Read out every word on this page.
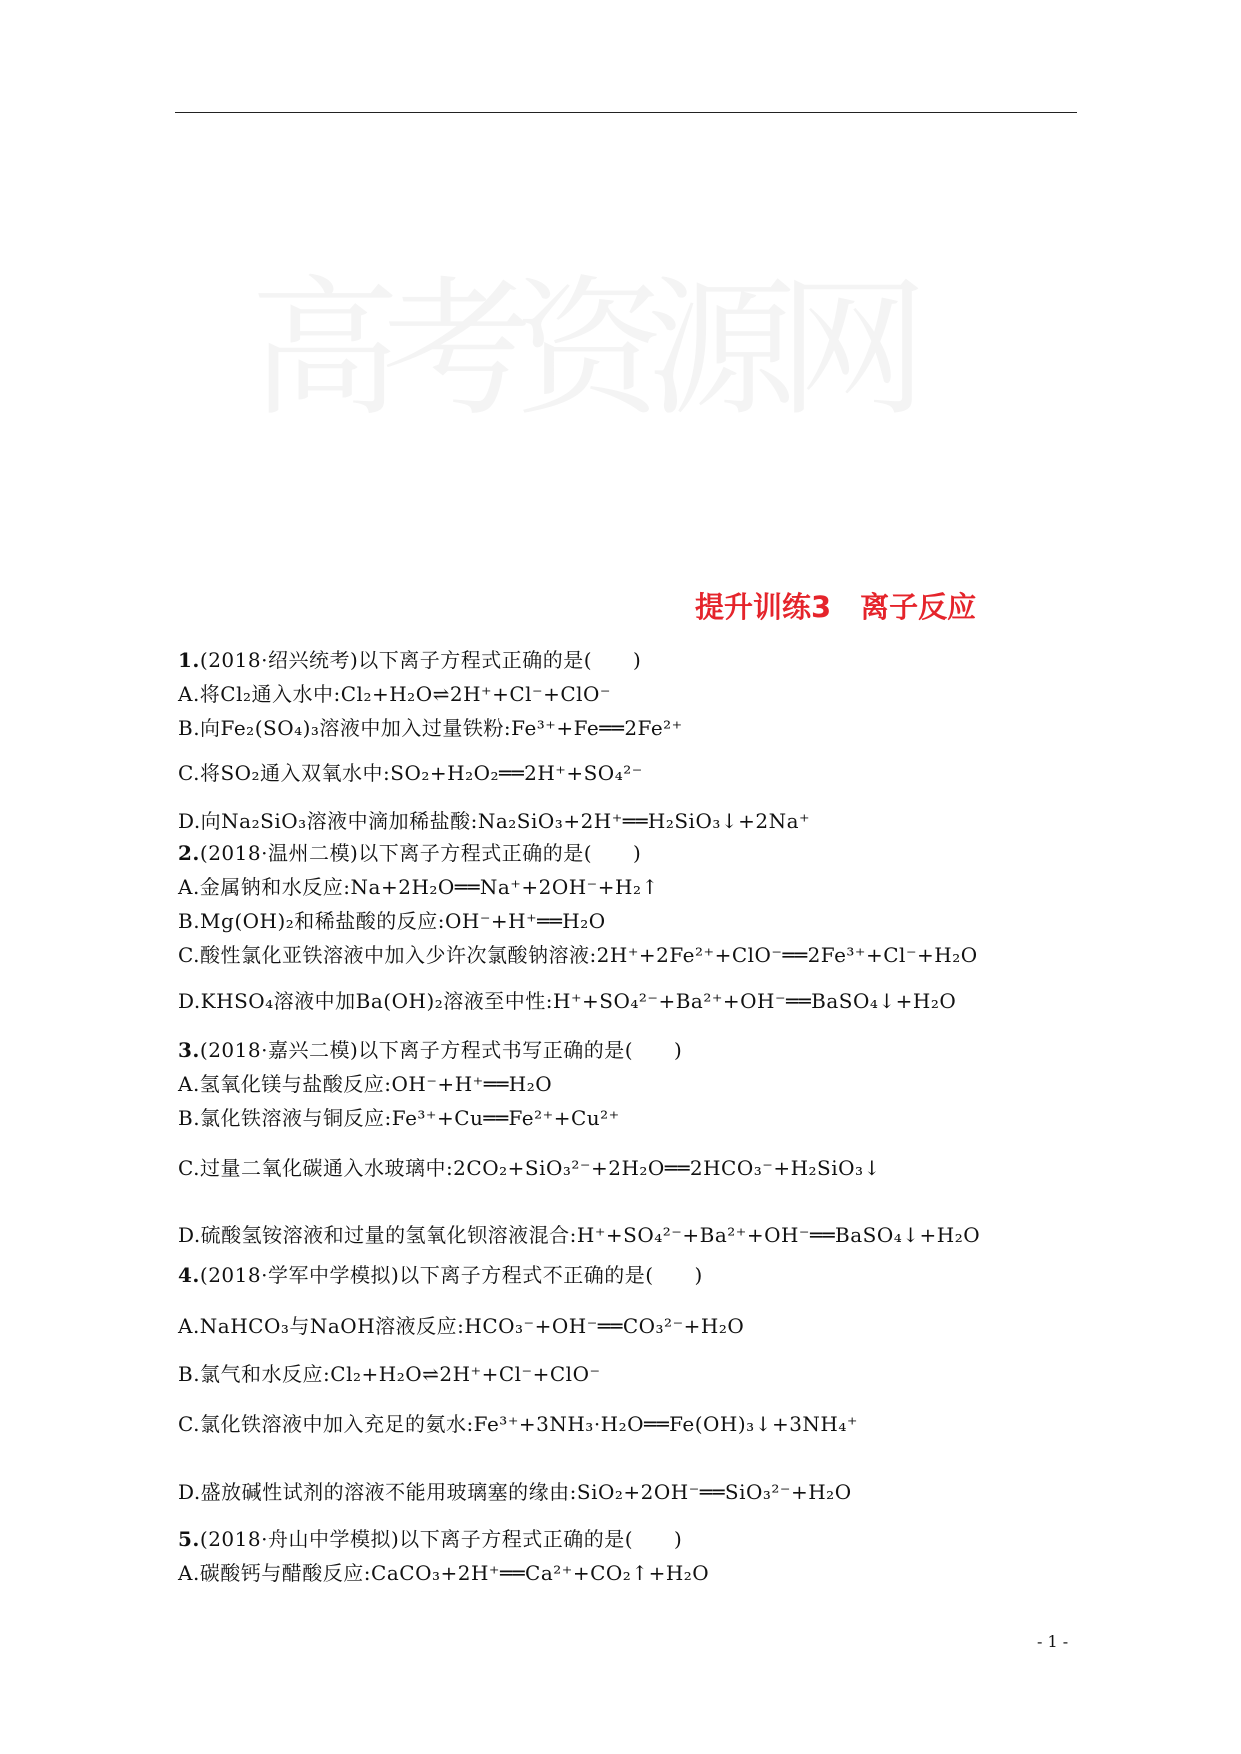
高考资源网
提升训练3　离子反应
1.(2018·绍兴统考)以下离子方程式正确的是(　　)
A.将Cl₂通入水中:Cl₂+H₂O⇌2H⁺+Cl⁻+ClO⁻
B.向Fe₂(SO₄)₃溶液中加入过量铁粉:Fe³⁺+Fe══2Fe²⁺
C.将SO₂通入双氧水中:SO₂+H₂O₂══2H⁺+SO₄²⁻
D.向Na₂SiO₃溶液中滴加稀盐酸:Na₂SiO₃+2H⁺══H₂SiO₃↓+2Na⁺
2.(2018·温州二模)以下离子方程式正确的是(　　)
A.金属钠和水反应:Na+2H₂O══Na⁺+2OH⁻+H₂↑
B.Mg(OH)₂和稀盐酸的反应:OH⁻+H⁺══H₂O
C.酸性氯化亚铁溶液中加入少许次氯酸钠溶液:2H⁺+2Fe²⁺+ClO⁻══2Fe³⁺+Cl⁻+H₂O
D.KHSO₄溶液中加Ba(OH)₂溶液至中性:H⁺+SO₄²⁻+Ba²⁺+OH⁻══BaSO₄↓+H₂O
3.(2018·嘉兴二模)以下离子方程式书写正确的是(　　)
A.氢氧化镁与盐酸反应:OH⁻+H⁺══H₂O
B.氯化铁溶液与铜反应:Fe³⁺+Cu══Fe²⁺+Cu²⁺
C.过量二氧化碳通入水玻璃中:2CO₂+SiO₃²⁻+2H₂O══2HCO₃⁻+H₂SiO₃↓
D.硫酸氢铵溶液和过量的氢氧化钡溶液混合:H⁺+SO₄²⁻+Ba²⁺+OH⁻══BaSO₄↓+H₂O
4.(2018·学军中学模拟)以下离子方程式不正确的是(　　)
A.NaHCO₃与NaOH溶液反应:HCO₃⁻+OH⁻══CO₃²⁻+H₂O
B.氯气和水反应:Cl₂+H₂O⇌2H⁺+Cl⁻+ClO⁻
C.氯化铁溶液中加入充足的氨水:Fe³⁺+3NH₃·H₂O══Fe(OH)₃↓+3NH₄⁺
D.盛放碱性试剂的溶液不能用玻璃塞的缘由:SiO₂+2OH⁻══SiO₃²⁻+H₂O
5.(2018·舟山中学模拟)以下离子方程式正确的是(　　)
A.碳酸钙与醋酸反应:CaCO₃+2H⁺══Ca²⁺+CO₂↑+H₂O
- 1 -
